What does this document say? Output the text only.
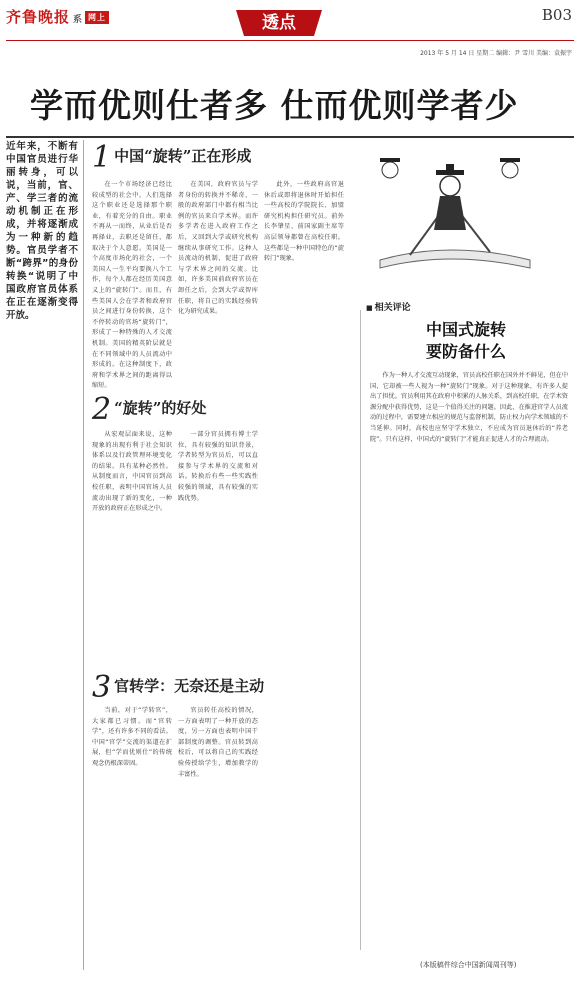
齐鲁晚报 系 网上	透点	B03
2013 年 5 月 14 日 星期二 编辑：尹 雪川 美编：袁振宇
学而优则仕者多 仕而优则学者少
近年来，不断有中国官员进行华丽转身，可以说，当前，官、产、学三者的流动机制正在形成，并将逐渐成为一种新的趋势。官员学者不断“跨界”的身份转换“说明了中国政府官员体系在正在逐渐变得开放。
1 中国“旋转”正在形成
在一个市场经济已经比较成型的社会中，人们选择这个职业还是选择那个职业，有着充分的自由。职业不再从一而终，从业后是否再择业，去职还是留任，都取决于个人意愿。美国是一个高度市场化的社会，一个美国人一生平均要换八个工作，每个人都在经历美国意义上的“旋转门”。而且，有些美国人会在学者和政府官员之间进行身份转换，这个不停转动的官场“旋转门”，形成了一种特殊的人才交流机制。美国的精英阶层就是在不同领域中的人员流动中形成的。在这种制度下，政府和学术界之间的距离得以缩短。
在美国，政府官员与学者身份的转换并不稀奇，一般的政府部门中都有相当比例的官员来自学术界。而许多学者在进入政府工作之后，又回到大学或研究机构继续从事研究工作。这种人员流动的机制，促进了政府与学术界之间的交流。比如，许多美国前政府官员在卸任之后，会到大学或智库任职，将自己的实践经验转化为研究成果。
此外，一些政府高官退休后或即将退休时开始担任一些高校的学院院长、加盟研究机构担任研究员。前外长李肇星、前国家副主席等高层领导都曾在高校任职。这些都是一种中国特色的“旋转门”现象。
2 “旋转”的好处
从宏观层面来说，这种现象的出现有利于社会知识体系以及行政管理环境变化的结果。具有某种必然性。从制度而言，中国官员到高校任职，表明中国官场人员流动出现了新的变化，一种开放的政府正在形成之中。
一部分官员拥有博士学位，具有较强的知识背景，学者转型为官员后，可以直接参与学术界的交流和对话。转换后有些一些实践性较强的领域，具有较强的实践优势。
3 官转学：无奈还是主动
当前，对于“学转官”，大家都已习惯。而“官转学”，还有许多不同的看法。中国“官学”交流的渠道在扩展，但“学而优则仕”的传统观念仍根深蒂固。
官员转任高校的情况，一方面表明了一种开放的态度，另一方面也表明中国干部制度的调整。官员转到高校后，可以将自己的实践经验传授给学生，增加教学的丰富性。
■ 相关评论
中国式旋转
要防备什么
作为一种人才交流互动现象，官员高校任职在国外并不鲜见，但在中国，它却被一些人视为一种“旋转门”现象。对于这种现象，有许多人提出了担忧。官员利用其在政府中积累的人脉关系，到高校任职，在学术资源分配中获得优势，这是一个值得关注的问题。因此，在推进官学人员流动的过程中，需要建立相应的规范与监督机制，防止权力向学术领域的不当延伸。同时，高校也应坚守学术独立，不应成为官员退休后的“养老院”。只有这样，中国式的“旋转门”才能真正促进人才的合理流动。
(本版稿件综合中国新闻周刊等)
